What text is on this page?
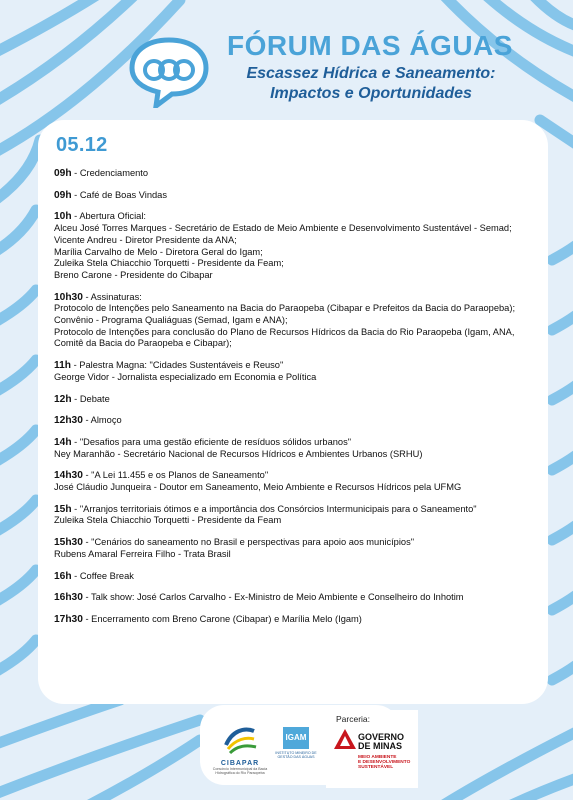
FÓRUM DAS ÁGUAS
Escassez Hídrica e Saneamento:
Impactos e Oportunidades
05.12
09h - Credenciamento
09h - Café de Boas Vindas
10h - Abertura Oficial:
Alceu José Torres Marques - Secretário de Estado de Meio Ambiente e Desenvolvimento Sustentável - Semad;
Vicente Andreu - Diretor Presidente da ANA;
Marília Carvalho de Melo - Diretora Geral do Igam;
Zuleika Stela Chiacchio Torquetti - Presidente da Feam;
Breno Carone - Presidente do Cibapar
10h30 - Assinaturas:
Protocolo de Intenções pelo Saneamento na Bacia do Paraopeba (Cibapar e Prefeitos da Bacia do Paraopeba);
Convênio - Programa Qualiáguas (Semad, Igam e ANA);
Protocolo de Intenções para conclusão do Plano de Recursos Hídricos da Bacia do Rio Paraopeba (Igam, ANA,
Comitê da Bacia do Paraopeba e Cibapar);
11h - Palestra Magna: "Cidades Sustentáveis e Reuso"
George Vidor - Jornalista especializado em Economia e Política
12h - Debate
12h30 - Almoço
14h - "Desafios para uma gestão eficiente de resíduos sólidos urbanos"
Ney Maranhão - Secretário Nacional de Recursos Hídricos e Ambientes Urbanos (SRHU)
14h30 - "A Lei 11.455 e os Planos de Saneamento"
José Cláudio Junqueira - Doutor em Saneamento, Meio Ambiente e Recursos Hídricos pela UFMG
15h - "Arranjos territoriais ótimos e a importância dos Consórcios Intermunicipais para o Saneamento"
Zuleika Stela Chiacchio Torquetti - Presidente da Feam
15h30 - "Cenários do saneamento no Brasil e perspectivas para apoio aos municípios"
Rubens Amaral Ferreira Filho - Trata Brasil
16h - Coffee Break
16h30 - Talk show: José Carlos Carvalho - Ex-Ministro de Meio Ambiente e Conselheiro do Inhotim
17h30 - Encerramento com Breno Carone (Cibapar) e Marília Melo (Igam)
CIBAPAR
Consórcio Intermunicipal da Bacia Hidrográfica do Rio Paraopeba
IGAM
INSTITUTO MINEIRO DE GESTÃO DAS ÁGUAS
Parceria:
GOVERNO
DE MINAS
MEIO AMBIENTE
E DESENVOLVIMENTO
SUSTENTÁVEL
